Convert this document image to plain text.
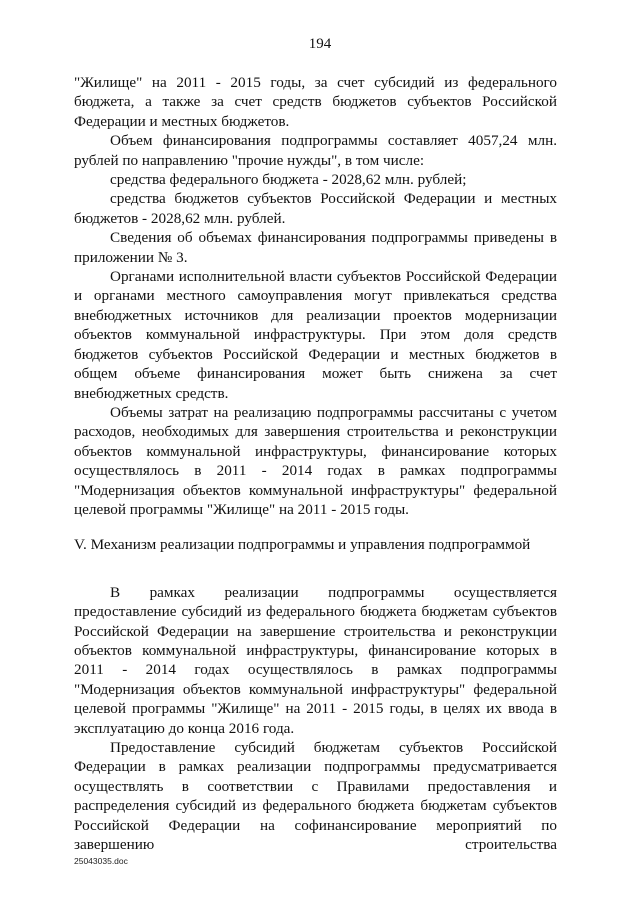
194

"Жилище" на 2011 - 2015 годы, за счет субсидий из федерального бюджета, а также за счет средств бюджетов субъектов Российской Федерации и местных бюджетов.

Объем финансирования подпрограммы составляет 4057,24 млн. рублей по направлению "прочие нужды", в том числе:

средства федерального бюджета - 2028,62 млн. рублей;

средства бюджетов субъектов Российской Федерации и местных бюджетов - 2028,62 млн. рублей.

Сведения об объемах финансирования подпрограммы приведены в приложении № 3.

Органами исполнительной власти субъектов Российской Федерации и органами местного самоуправления могут привлекаться средства внебюджетных источников для реализации проектов модернизации объектов коммунальной инфраструктуры. При этом доля средств бюджетов субъектов Российской Федерации и местных бюджетов в общем объеме финансирования может быть снижена за счет внебюджетных средств.

Объемы затрат на реализацию подпрограммы рассчитаны с учетом расходов, необходимых для завершения строительства и реконструкции объектов коммунальной инфраструктуры, финансирование которых осуществлялось в 2011 - 2014 годах в рамках подпрограммы "Модернизация объектов коммунальной инфраструктуры" федеральной целевой программы "Жилище" на 2011 - 2015 годы.

V. Механизм реализации подпрограммы и управления подпрограммой

В рамках реализации подпрограммы осуществляется предоставление субсидий из федерального бюджета бюджетам субъектов Российской Федерации на завершение строительства и реконструкции объектов коммунальной инфраструктуры, финансирование которых в 2011 - 2014 годах осуществлялось в рамках подпрограммы "Модернизация объектов коммунальной инфраструктуры" федеральной целевой программы "Жилище" на 2011 - 2015 годы, в целях их ввода в эксплуатацию до конца 2016 года.

Предоставление субсидий бюджетам субъектов Российской Федерации в рамках реализации подпрограммы предусматривается осуществлять в соответствии с Правилами предоставления и распределения субсидий из федерального бюджета бюджетам субъектов Российской Федерации на софинансирование мероприятий по завершению строительства

25043035.doc
